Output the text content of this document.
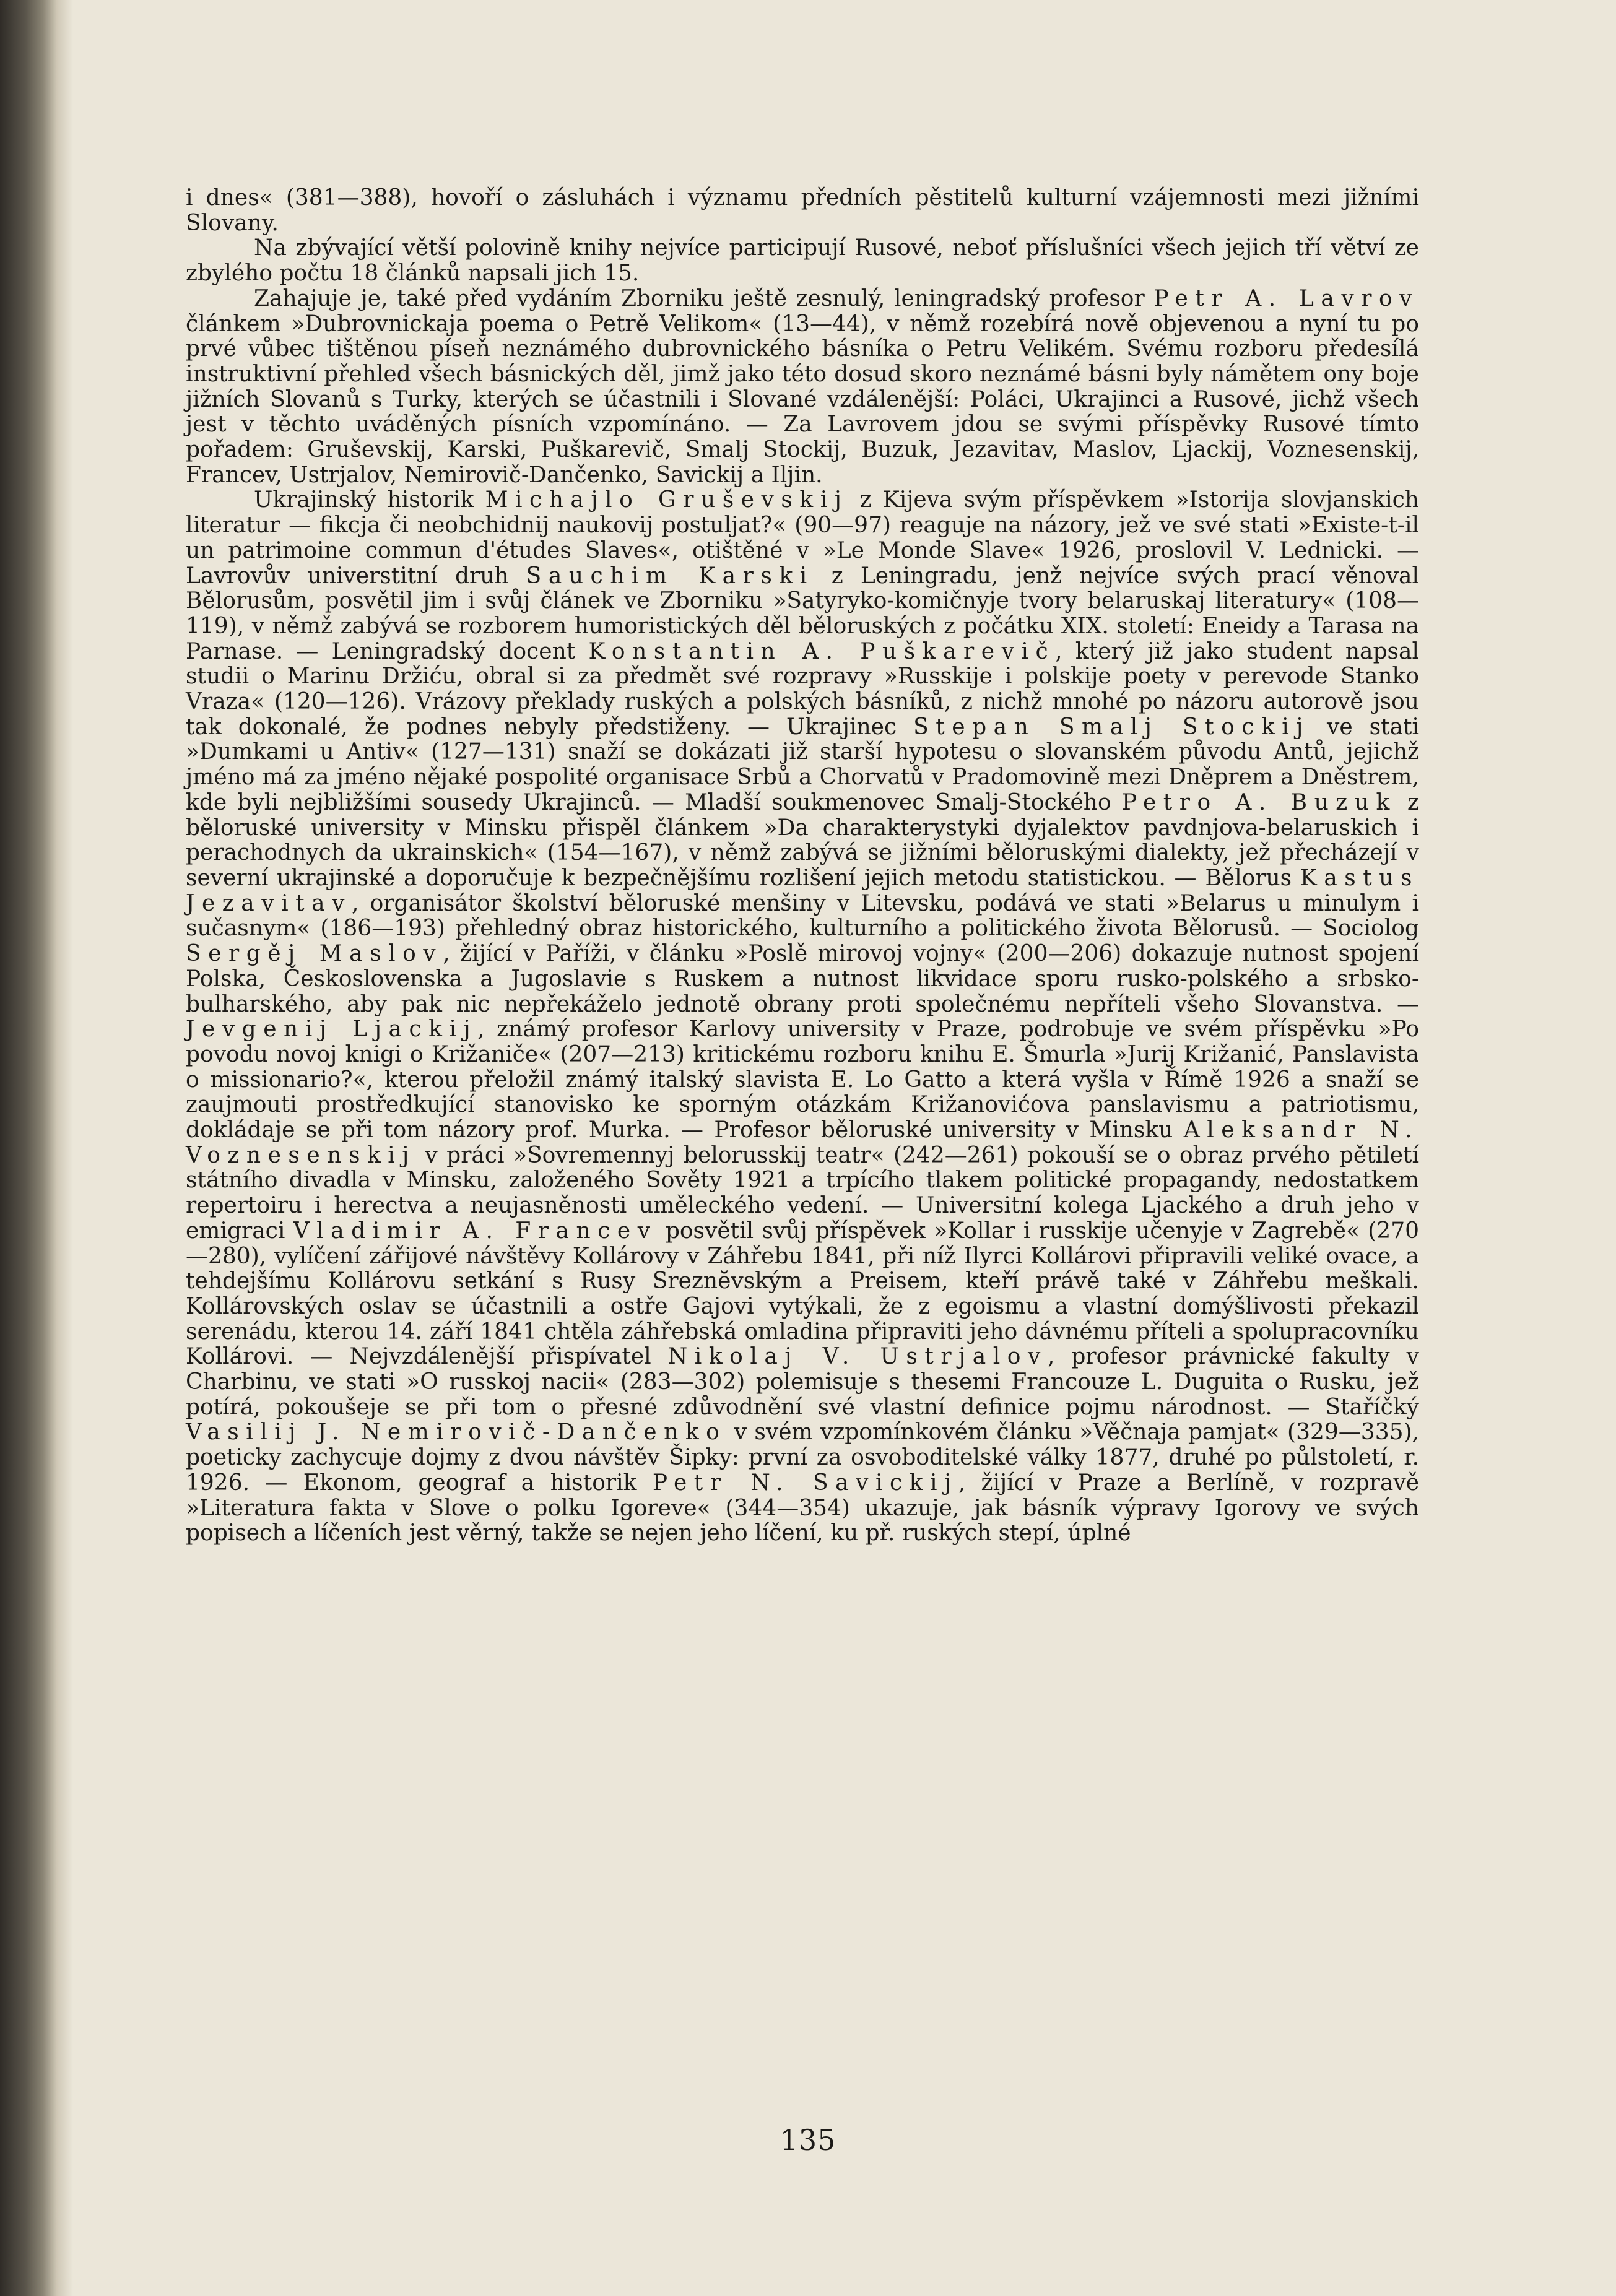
i dnes« (381—388), hovoří o zásluhách i významu předních pěstitelů kulturní vzájemnosti mezi jižními Slovany.

Na zbývající větší polovině knihy nejvíce participují Rusové, neboť příslušníci všech jejich tří větví ze zbylého počtu 18 článků napsali jich 15.

Zahajuje je, také před vydáním Zborniku ještě zesnulý, leningradský profesor Petr A. Lavrov článkem »Dubrovnickaja poema o Petrě Velikom« (13—44), v němž rozebírá nově objevenou a nyní tu po prvé vůbec tištěnou píseň neznámého dubrovnického básníka o Petru Velikém. Svému rozboru předesílá instruktivní přehled všech básnických děl, jimž jako této dosud skoro neznámé básni byly námětem ony boje jižních Slovanů s Turky, kterých se účastnili i Slované vzdálenější: Poláci, Ukrajinci a Rusové, jichž všech jest v těchto uváděných písních vzpomínáno. — Za Lavrovem jdou se svými příspěvky Rusové tímto pořadem: Gruševskij, Karski, Puškarevič, Smalj Stockij, Buzuk, Jezavitav, Maslov, Ljackij, Voznesenskij, Francev, Ustrjalov, Nemirovič-Dančenko, Savickij a Iljin.

Ukrajinský historik Michajlo Gruševskij z Kijeva svým příspěvkem »Istorija slovjanskich literatur — fikcja či neobchidnij naukovij postuljat?« (90—97) reaguje na názory, jež ve své stati »Existe-t-il un patrimoine commun d'études Slaves«, otištěné v »Le Monde Slave« 1926, proslovil V. Lednicki. — Lavrovův universtitní druh Sauchim Karski z Leningradu, jenž nejvíce svých prací věnoval Bělorusům, posvětil jim i svůj článek ve Zborniku »Satyryko-komičnyje tvory belaruskaj literatury« (108—119), v němž zabývá se rozborem humoristických děl běloruských z počátku XIX. století: Eneidy a Tarasa na Parnase. — Leningradský docent Konstantin A. Puškarevič, který již jako student napsal studii o Marinu Držiću, obral si za předmět své rozpravy »Russkije i polskije poety v perevode Stanko Vraza« (120—126). Vrázovy překlady ruských a polských básníků, z nichž mnohé po názoru autorově jsou tak dokonalé, že podnes nebyly předstiženy. — Ukrajinec Stepan Smalj Stockij ve stati »Dumkami u Antiv« (127—131) snaží se dokázati již starší hypotesu o slovanském původu Antů, jejichž jméno má za jméno nějaké pospolité organisace Srbů a Chorvatů v Pradomovině mezi Dněprem a Dněstrem, kde byli nejbližšími sousedy Ukrajinců. — Mladší soukmenovec Smalj-Stockého Petro A. Buzuk z běloruské university v Minsku přispěl článkem »Da charakterystyki dyjalektov pavdnjova-belaruskich i perachodnych da ukrainskich« (154—167), v němž zabývá se jižními běloruskými dialekty, jež přecházejí v severní ukrajinské a doporučuje k bezpečnějšímu rozlišení jejich metodu statistickou. — Bělorus Kastus Jezavitav, organisátor školství běloruské menšiny v Litevsku, podává ve stati »Belarus u minulym i sučasnym« (186—193) přehledný obraz historického, kulturního a politického života Bělorusů. — Sociolog Sergěj Maslov, žijící v Paříži, v článku »Poslě mirovoj vojny« (200—206) dokazuje nutnost spojení Polska, Československa a Jugoslavie s Ruskem a nutnost likvidace sporu rusko-polského a srbsko-bulharského, aby pak nic nepřekáželo jednotě obrany proti společnému nepříteli všeho Slovanstva. — Jevgenij Ljackij, známý profesor Karlovy university v Praze, podrobuje ve svém příspěvku »Po povodu novoj knigi o Križaniče« (207—213) kritickému rozboru knihu E. Šmurla »Jurij Križanić, Panslavista o missionario?«, kterou přeložil známý italský slavista E. Lo Gatto a která vyšla v Římě 1926 a snaží se zaujmouti prostředkující stanovisko ke sporným otázkám Križanovićova panslavismu a patriotismu, dokládaje se při tom názory prof. Murka. — Profesor běloruské university v Minsku Aleksandr N. Voznesenskij v práci »Sovremennyj belorusskij teatr« (242—261) pokouší se o obraz prvého pětiletí státního divadla v Minsku, založeného Sověty 1921 a trpícího tlakem politické propagandy, nedostatkem repertoiru i herectva a neujasněnosti uměleckého vedení. — Universitní kolega Ljackého a druh jeho v emigraci Vladimir A. Francev posvětil svůj příspěvek »Kollar i russkije učenyje v Zagrebě« (270—280), vylíčení zářijové návštěvy Kollárovy v Záhřebu 1841, při níž Ilyrci Kollárovi připravili veliké ovace, a tehdejšímu Kollárovu setkání s Rusy Sreznĕvským a Preisem, kteří právě také v Záhřebu meškali. Kollárovských oslav se účastnili a ostře Gajovi vytýkali, že z egoismu a vlastní domýšlivosti překazil serenádu, kterou 14. září 1841 chtěla záhřebská omladina připraviti jeho dávnému příteli a spolupracovníku Kollárovi. — Nejvzdálenější přispívatel Nikolaj V. Ustrjalov, profesor právnické fakulty v Charbinu, ve stati »O russkoj nacii« (283—302) polemisuje s thesemi Francouze L. Duguita o Rusku, jež potírá, pokoušeje se při tom o přesné zdůvodnění své vlastní definice pojmu národnost. — Staříčký Vasilij J. Nemirovič-Dančenko v svém vzpomínkovém článku »Věčnaja pamjat« (329—335), poeticky zachycuje dojmy z dvou návštěv Šipky: první za osvoboditelské války 1877, druhé po půlstoletí, r. 1926. — Ekonom, geograf a historik Petr N. Savickij, žijící v Praze a Berlíně, v rozpravě »Literatura fakta v Slove o polku Igoreve« (344—354) ukazuje, jak básník výpravy Igorovy ve svých popisech a líčeních jest věrný, takže se nejen jeho líčení, ku př. ruských stepí, úplné

135
